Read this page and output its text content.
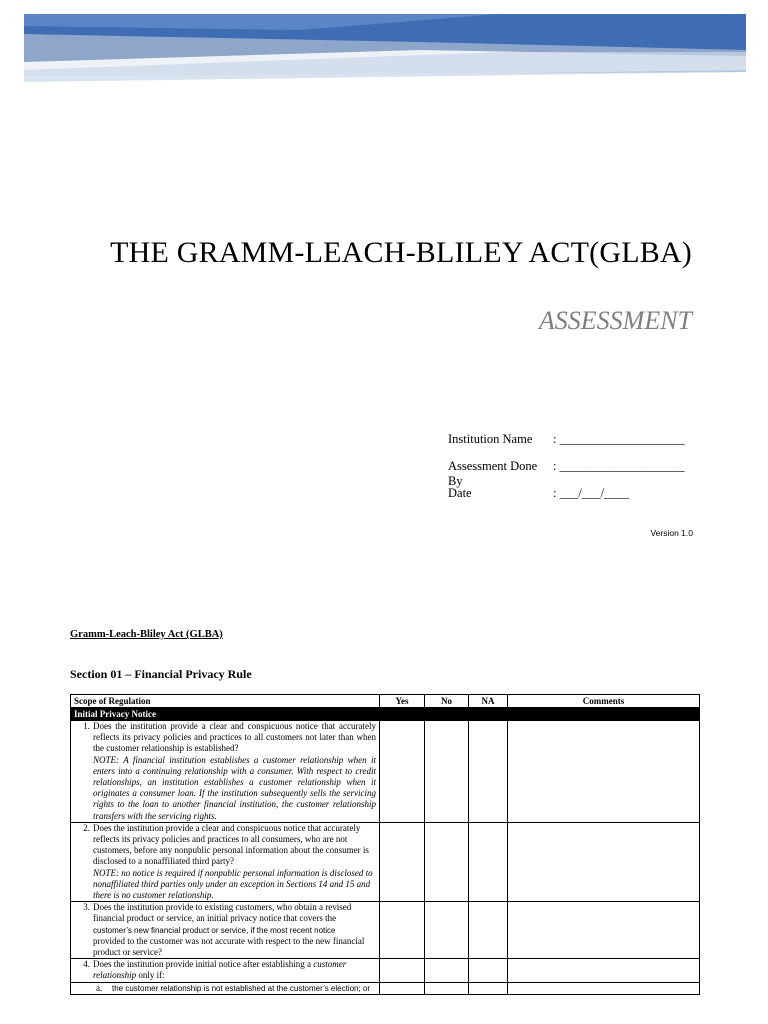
THE GRAMM-LEACH-BLILEY ACT(GLBA)
ASSESSMENT
Institution Name	: ____________________
Assessment Done By
: ____________________
Date	: ___/___/____
Version 1.0
Gramm-Leach-Bliley Act (GLBA)
Section 01 – Financial Privacy Rule
Scope of Regulation	Yes	No	NA	Comments
Initial Privacy Notice				

1. Does the institution provide a clear and conspicuous notice that accurately reflects its privacy policies and practices to all customers not later than when the customer relationship is established?
NOTE: A financial institution establishes a customer relationship when it enters into a continuing relationship with a consumer. With respect to credit relationships, an institution establishes a customer relationship when it originates a consumer loan. If the institution subsequently sells the servicing rights to the loan to another financial institution, the customer relationship transfers with the servicing rights.				

2. Does the institution provide a clear and conspicuous notice that accurately reflects its privacy policies and practices to all consumers, who are not customers, before any nonpublic personal information about the consumer is disclosed to a nonaffiliated third party?
NOTE: no notice is required if nonpublic personal information is disclosed to nonaffiliated third parties only under an exception in Sections 14 and 15 and there is no customer relationship.				

3. Does the institution provide to existing customers, who obtain a revised financial product or service, an initial privacy notice that covers the
customer’s new financial product or service, if the most recent notice
provided to the customer was not accurate with respect to the new financial product or service?				

4. Does the institution provide initial notice after establishing a customer relationship only if:				

a. the customer relationship is not established at the customer’s election; or				
